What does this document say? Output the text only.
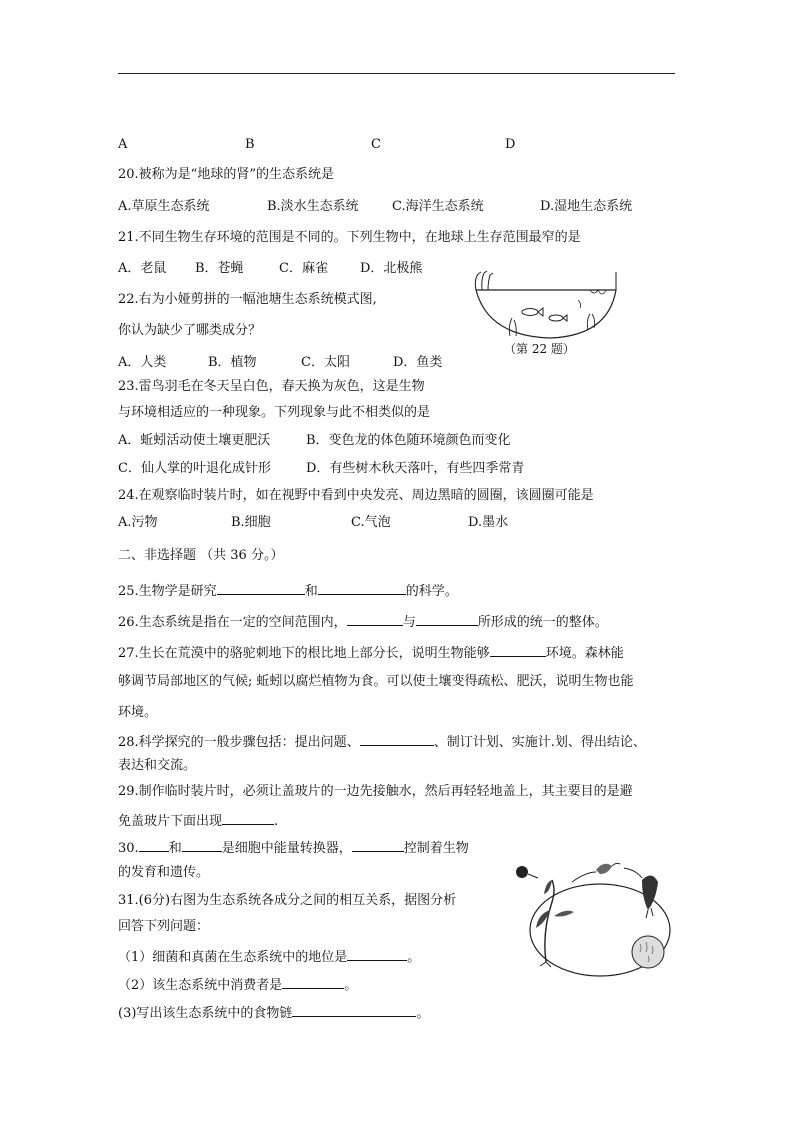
A	B	C	D
20.被称为是“地球的肾”的生态系统是
A.草原生态系统	B.淡水生态系统	C.海洋生态系统	D.湿地生态系统
21.不同生物生存环境的范围是不同的。下列生物中，在地球上生存范围最窄的是
A．老鼠 B．苍蝇	C．麻雀 D．北极熊
22.右为小娅剪拼的一幅池塘生态系统模式图,
你认为缺少了哪类成分？
A．人类	B．植物	C．太阳	D．鱼类
（第 22 题）
23.雷鸟羽毛在冬天呈白色，春天换为灰色，这是生物
与环境相适应的一种现象。下列现象与此不相类似的是
A．蚯蚓活动使土壤更肥沃	B．变色龙的体色随环境颜色而变化
C．仙人掌的叶退化成针形	D．有些树木秋天落叶，有些四季常青
24.在观察临时装片时，如在视野中看到中央发亮、周边黑暗的圆圈，该圆圈可能是
A.污物	B.细胞	C.气泡	D.墨水
二、非选择题 （共 36 分。）
25.生物学是研究	和	的科学。
26.生态系统是指在一定的空间范围内，	与	所形成的统一的整体。
27.生长在荒漠中的骆驼刺地下的根比地上部分长，说明生物能够	环境。森林能
够调节局部地区的气候; 蚯蚓以腐烂植物为食。可以使土壤变得疏松、肥沃，说明生物也能
环境。
28.科学探究的一般步骤包括：提出问题、	、制订计划、实施计.划、得出结论、
表达和交流。
29.制作临时装片时，必须让盖玻片的一边先接触水，然后再轻轻地盖上，其主要目的是避
免盖玻片下面出现	.
30. 和	是细胞中能量转换器，	控制着生物
的发育和遗传。
31.(6分)右图为生态系统各成分之间的相互关系，据图分析
回答下列问题：
（1）细菌和真菌在生态系统中的地位是	。
（2）该生态系统中消费者是	。
(3)写出该生态系统中的食物链	。
